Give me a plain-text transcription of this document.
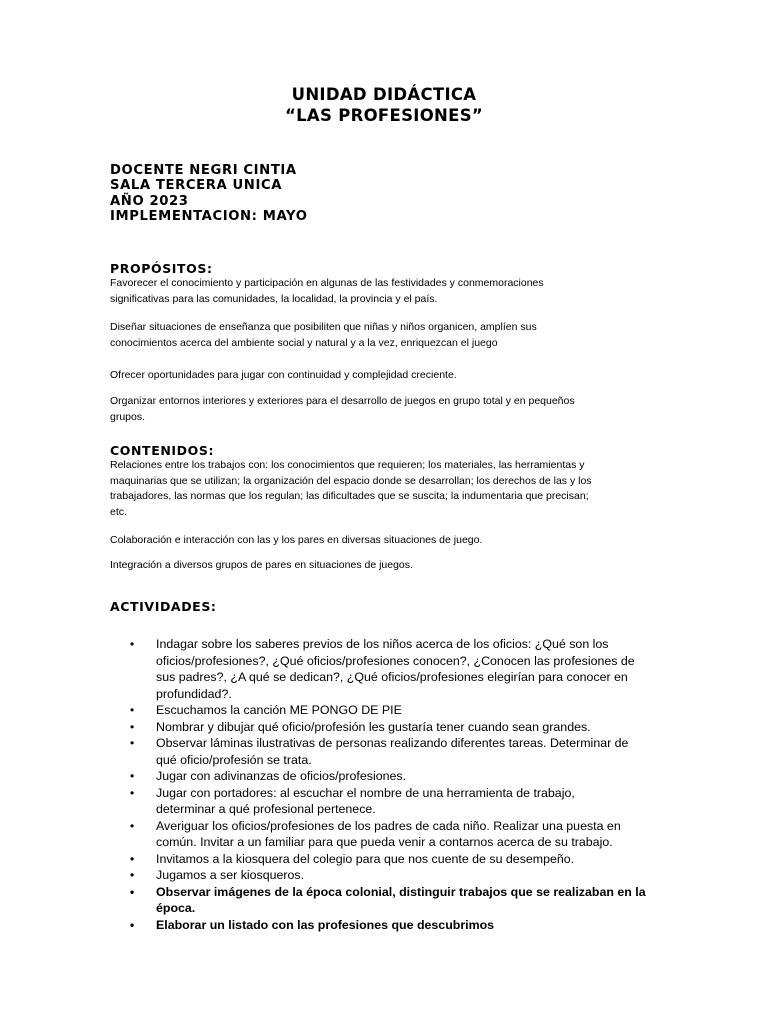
UNIDAD DIDÁCTICA
“LAS PROFESIONES”
DOCENTE NEGRI CINTIA
SALA TERCERA UNICA
AÑO 2023
IMPLEMENTACION: MAYO
PROPÓSITOS:
Favorecer el conocimiento y participación en algunas de las festividades y conmemoraciones
significativas para las comunidades, la localidad, la provincia y el país.
Diseñar situaciones de enseñanza que posibiliten que niñas y niños organicen, amplíen sus
conocimientos acerca del ambiente social y natural y a la vez, enriquezcan el juego
Ofrecer oportunidades para jugar con continuidad y complejidad creciente.
Organizar entornos interiores y exteriores para el desarrollo de juegos en grupo total y en pequeños
grupos.
CONTENIDOS:
Relaciones entre los trabajos con: los conocimientos que requieren; los materiales, las herramientas y
maquinarias que se utilizan; la organización del espacio donde se desarrollan; los derechos de las y los
trabajadores, las normas que los regulan; las dificultades que se suscita; la indumentaria que precisan;
etc.
Colaboración e interacción con las y los pares en diversas situaciones de juego.
Integración a diversos grupos de pares en situaciones de juegos.
ACTIVIDADES:
• Indagar sobre los saberes previos de los niños acerca de los oficios: ¿Qué son los
oficios/profesiones?, ¿Qué oficios/profesiones conocen?, ¿Conocen las profesiones de
sus padres?, ¿A qué se dedican?, ¿Qué oficios/profesiones elegirían para conocer en
profundidad?.
• Escuchamos la canción ME PONGO DE PIE
• Nombrar y dibujar qué oficio/profesión les gustaría tener cuando sean grandes.
• Observar láminas ilustrativas de personas realizando diferentes tareas. Determinar de
qué oficio/profesión se trata.
• Jugar con adivinanzas de oficios/profesiones.
• Jugar con portadores: al escuchar el nombre de una herramienta de trabajo,
determinar a qué profesional pertenece.
• Averiguar los oficios/profesiones de los padres de cada niño. Realizar una puesta en
común. Invitar a un familiar para que pueda venir a contarnos acerca de su trabajo.
• Invitamos a la kiosquera del colegio para que nos cuente de su desempeño.
• Jugamos a ser kiosqueros.
• Observar imágenes de la época colonial, distinguir trabajos que se realizaban en la
época.
• Elaborar un listado con las profesiones que descubrimos
